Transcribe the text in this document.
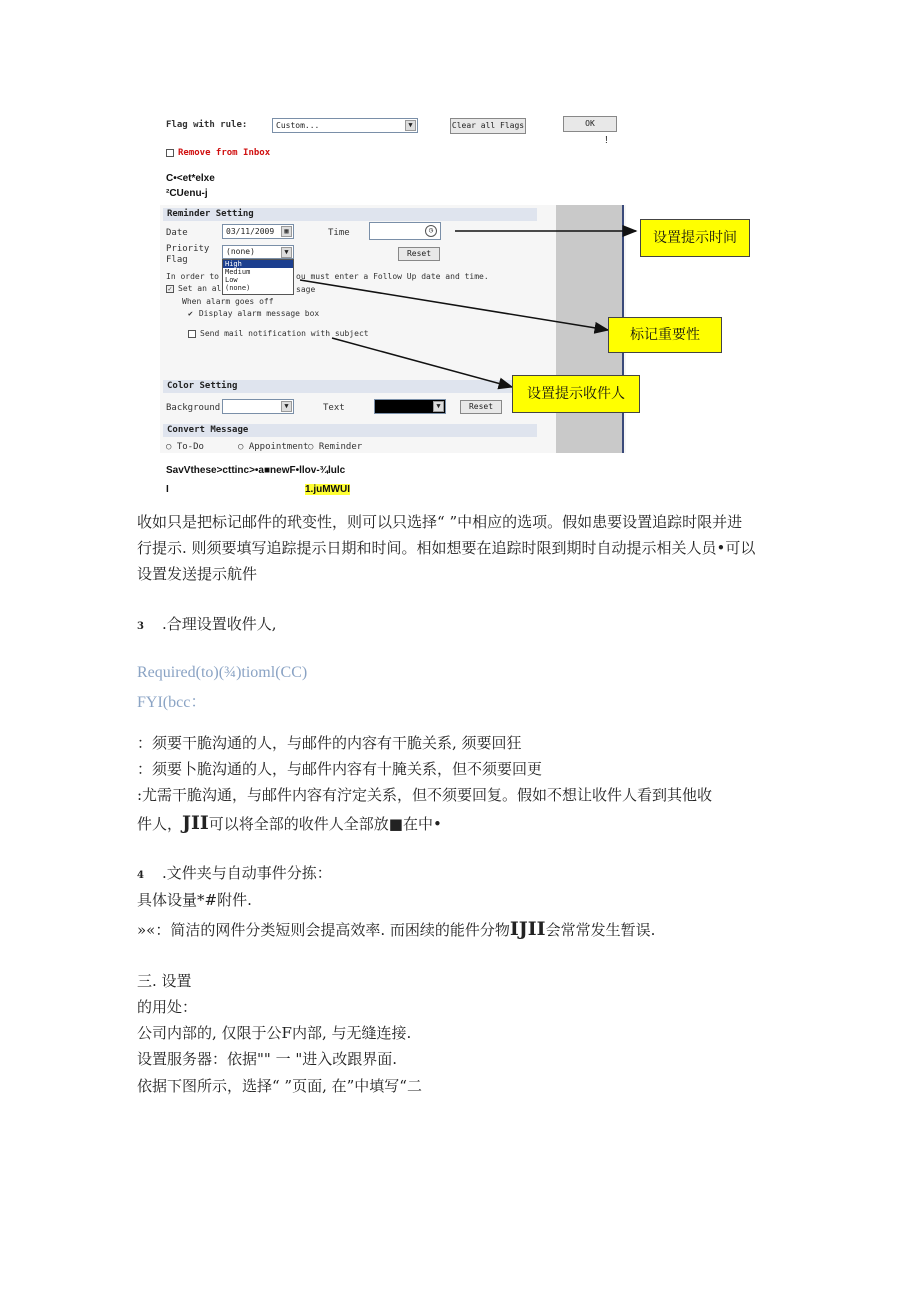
Flag with rule:	Custom...	▼	Clear all Flags	OK
!
Remove from Inbox
C•<et*elxe
²CUenu-j
Reminder Setting
Date	03/11/2009	▦	Time	◷
Priority
Flag
(none)	▼
High
Medium
Low
(none)
Reset
In order to	ou must enter a Follow Up date and time.
✓ Set an al	sage
When alarm goes off
✔ Display alarm message box
Send mail notification with subject
Color Setting
Background	▼	Text	▼	Reset
Convert Message
○ To-Do	○ Appointment ○ Reminder
SavVthese>cttinc>•a■newF•llov-¾lulc
I	1.juMWUI
设置提示时间
标记重要性
设置提示收件人
收如只是把标记邮件的玳变性，则可以只选择“ ”中相应的选项。假如患要设置追踪时限并进
行提示. 则须要填写追踪提示日期和时间。相如想要在追踪时限到期时自动提示相关人员•可以
设置发送提示航件
3 .合理设置收件人,
Required(to)(¾)tioml(CC)
FYI(bcc：
：须要干脆沟通的人，与邮件的内容有干脆关系, 须要回狂
：须要卜脆沟通的人，与邮件内容有十腌关系，但不须要回更
:尤需干脆沟通，与邮件内容有泞定关系，但不须要回复。假如不想让收件人看到其他收
件人，JII可以将全部的收件人全部放■在中•
4 .文件夹与自动事件分拣：
具体设量*#附件.
»«：简洁的网件分类短则会提高效率. 而困续的能件分物IJII会常常发生暂误.
三. 设置
的用处：
公司内部的, 仅限于公F内部, 与无缝连接.
设置服务器：依据"" 一 "进入改跟界面.
依据下图所示，选择“ ”页面, 在”中填写“二
